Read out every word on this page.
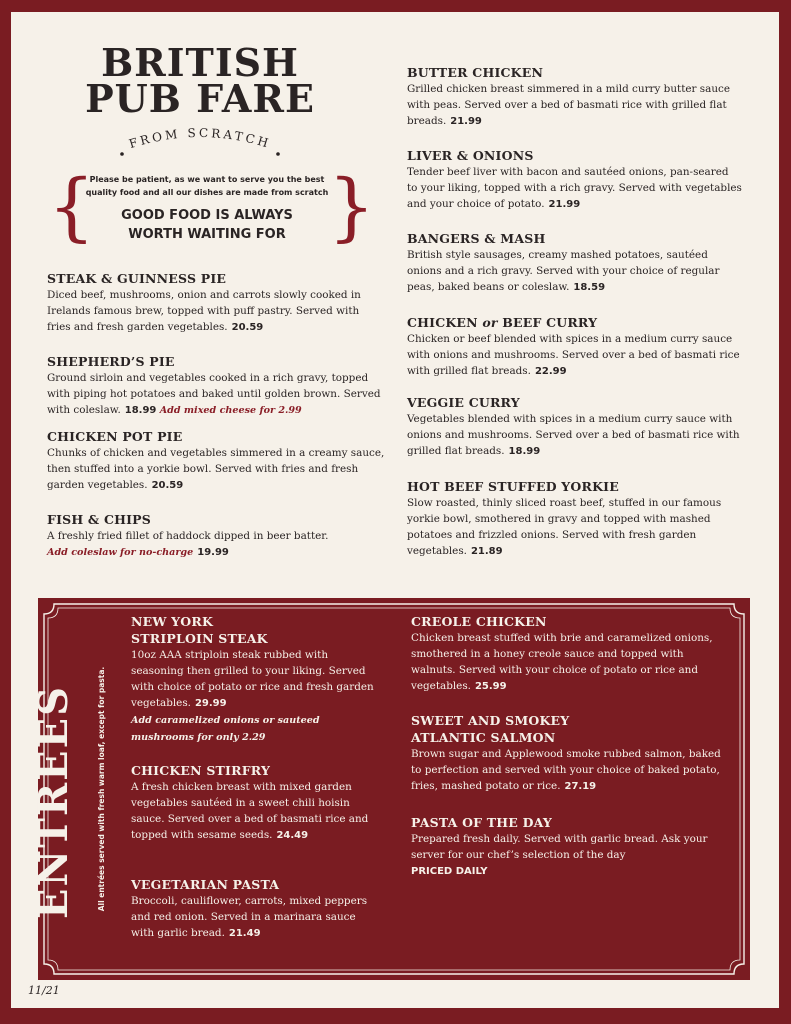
BRITISH
PUB FARE
FROM SCRATCH
{	}
Please be patient, as we want to serve you the best quality food and all our dishes are made from scratch
GOOD FOOD IS ALWAYS
WORTH WAITING FOR
STEAK & GUINNESS PIE

Diced beef, mushrooms, onion and carrots slowly cooked in Irelands famous brew, topped with puff pastry. Served with fries and fresh garden vegetables. 20.59

SHEPHERD’S PIE

Ground sirloin and vegetables cooked in a rich gravy, topped with piping hot potatoes and baked until golden brown. Served with coleslaw. 18.99 Add mixed cheese for 2.99

CHICKEN POT PIE

Chunks of chicken and vegetables simmered in a creamy sauce, then stuffed into a yorkie bowl. Served with fries and fresh garden vegetables. 20.59

FISH & CHIPS

A freshly fried fillet of haddock dipped in beer batter.

Add coleslaw for no-charge 19.99

BUTTER CHICKEN

Grilled chicken breast simmered in a mild curry butter sauce with peas. Served over a bed of basmati rice with grilled flat breads. 21.99

LIVER & ONIONS

Tender beef liver with bacon and sautéed onions, pan-seared to your liking, topped with a rich gravy. Served with vegetables and your choice of potato. 21.99

BANGERS & MASH

British style sausages, creamy mashed potatoes, sautéed onions and a rich gravy. Served with your choice of regular peas, baked beans or coleslaw. 18.59

CHICKEN or BEEF CURRY

Chicken or beef blended with spices in a medium curry sauce with onions and mushrooms. Served over a bed of basmati rice with grilled flat breads. 22.99

VEGGIE CURRY

Vegetables blended with spices in a medium curry sauce with onions and mushrooms. Served over a bed of basmati rice with grilled flat breads. 18.99

HOT BEEF STUFFED YORKIE

Slow roasted, thinly sliced roast beef, stuffed in our famous yorkie bowl, smothered in gravy and topped with mashed potatoes and frizzled onions. Served with fresh garden vegetables. 21.89

ENTRÉES	All entrées served with fresh warm loaf, except for pasta.
NEW YORK
STRIPLOIN STEAK

10oz AAA striploin steak rubbed with seasoning then grilled to your liking. Served with choice of potato or rice and fresh garden vegetables. 29.99

Add caramelized onions or sauteed mushrooms for only 2.29

CHICKEN STIRFRY

A fresh chicken breast with mixed garden vegetables sautéed in a sweet chili hoisin sauce. Served over a bed of basmati rice and topped with sesame seeds. 24.49

VEGETARIAN PASTA

Broccoli, cauliflower, carrots, mixed peppers and red onion. Served in a marinara sauce with garlic bread. 21.49

CREOLE CHICKEN

Chicken breast stuffed with brie and caramelized onions, smothered in a honey creole sauce and topped with walnuts. Served with your choice of potato or rice and vegetables. 25.99

SWEET AND SMOKEY
ATLANTIC SALMON

Brown sugar and Applewood smoke rubbed salmon, baked to perfection and served with your choice of baked potato, fries, mashed potato or rice. 27.19

PASTA OF THE DAY

Prepared fresh daily. Served with garlic bread. Ask your server for our chef’s selection of the day

PRICED DAILY

11/21
